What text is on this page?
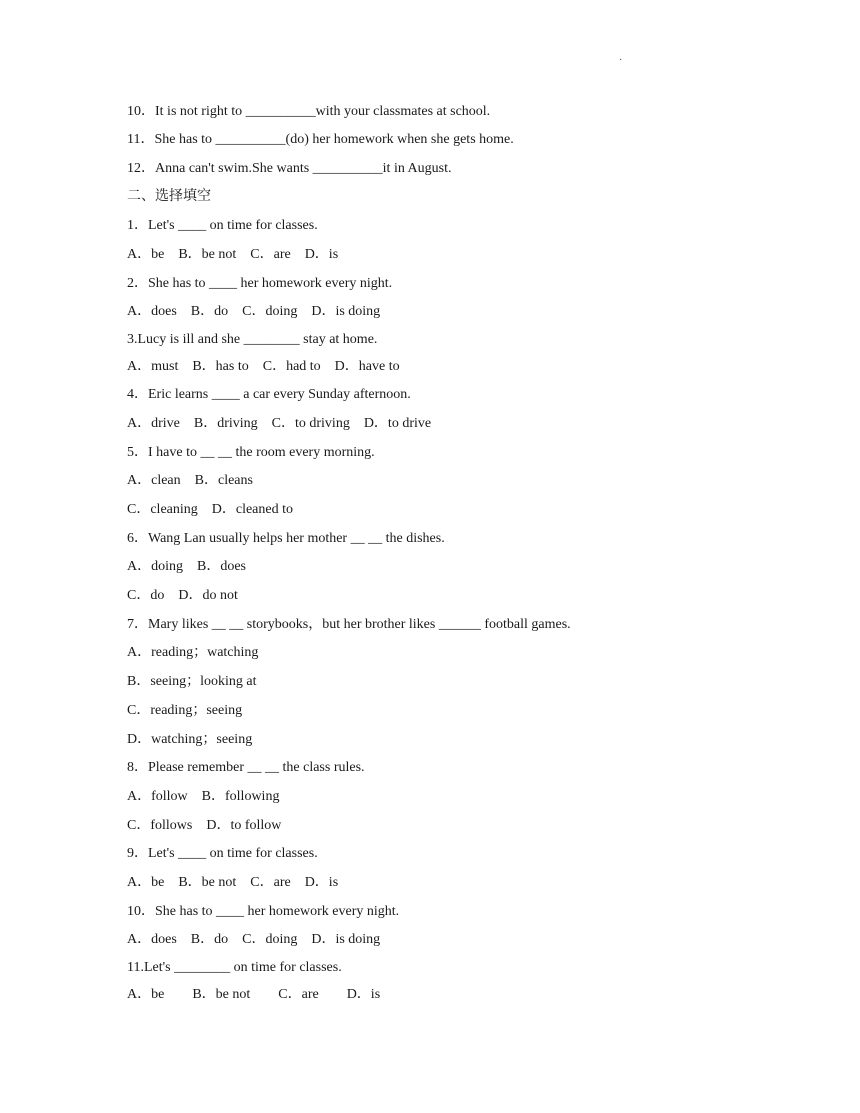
·
10．It is not right to __________with your classmates at school.
11．She has to __________(do) her homework when she gets home.
12．Anna can't swim.She wants __________it in August.
二、选择填空
1．Let's ____ on time for classes.
A．be    B．be not    C．are    D．is
2．She has to ____ her homework every night.
A．does    B．do    C．doing    D．is doing
3.Lucy is ill and she ________ stay at home.
A．must    B．has to    C．had to    D．have to
4．Eric learns ____ a car every Sunday afternoon.
A．drive    B．driving    C．to driving    D．to drive
5．I have to __ __ the room every morning.
A．clean    B．cleans
C．cleaning    D．cleaned to
6．Wang Lan usually helps her mother __ __ the dishes.
A．doing    B．does
C．do    D．do not
7．Mary likes __ __ storybooks，but her brother likes ______ football games.
A．reading；watching
B．seeing；looking at
C．reading；seeing
D．watching；seeing
8．Please remember __ __ the class rules.
A．follow    B．following
C．follows    D．to follow
9．Let's ____ on time for classes.
A．be    B．be not    C．are    D．is
10．She has to ____ her homework every night.
A．does    B．do    C．doing    D．is doing
11.Let's ________ on time for classes.
A．be        B．be not        C．are        D．is
